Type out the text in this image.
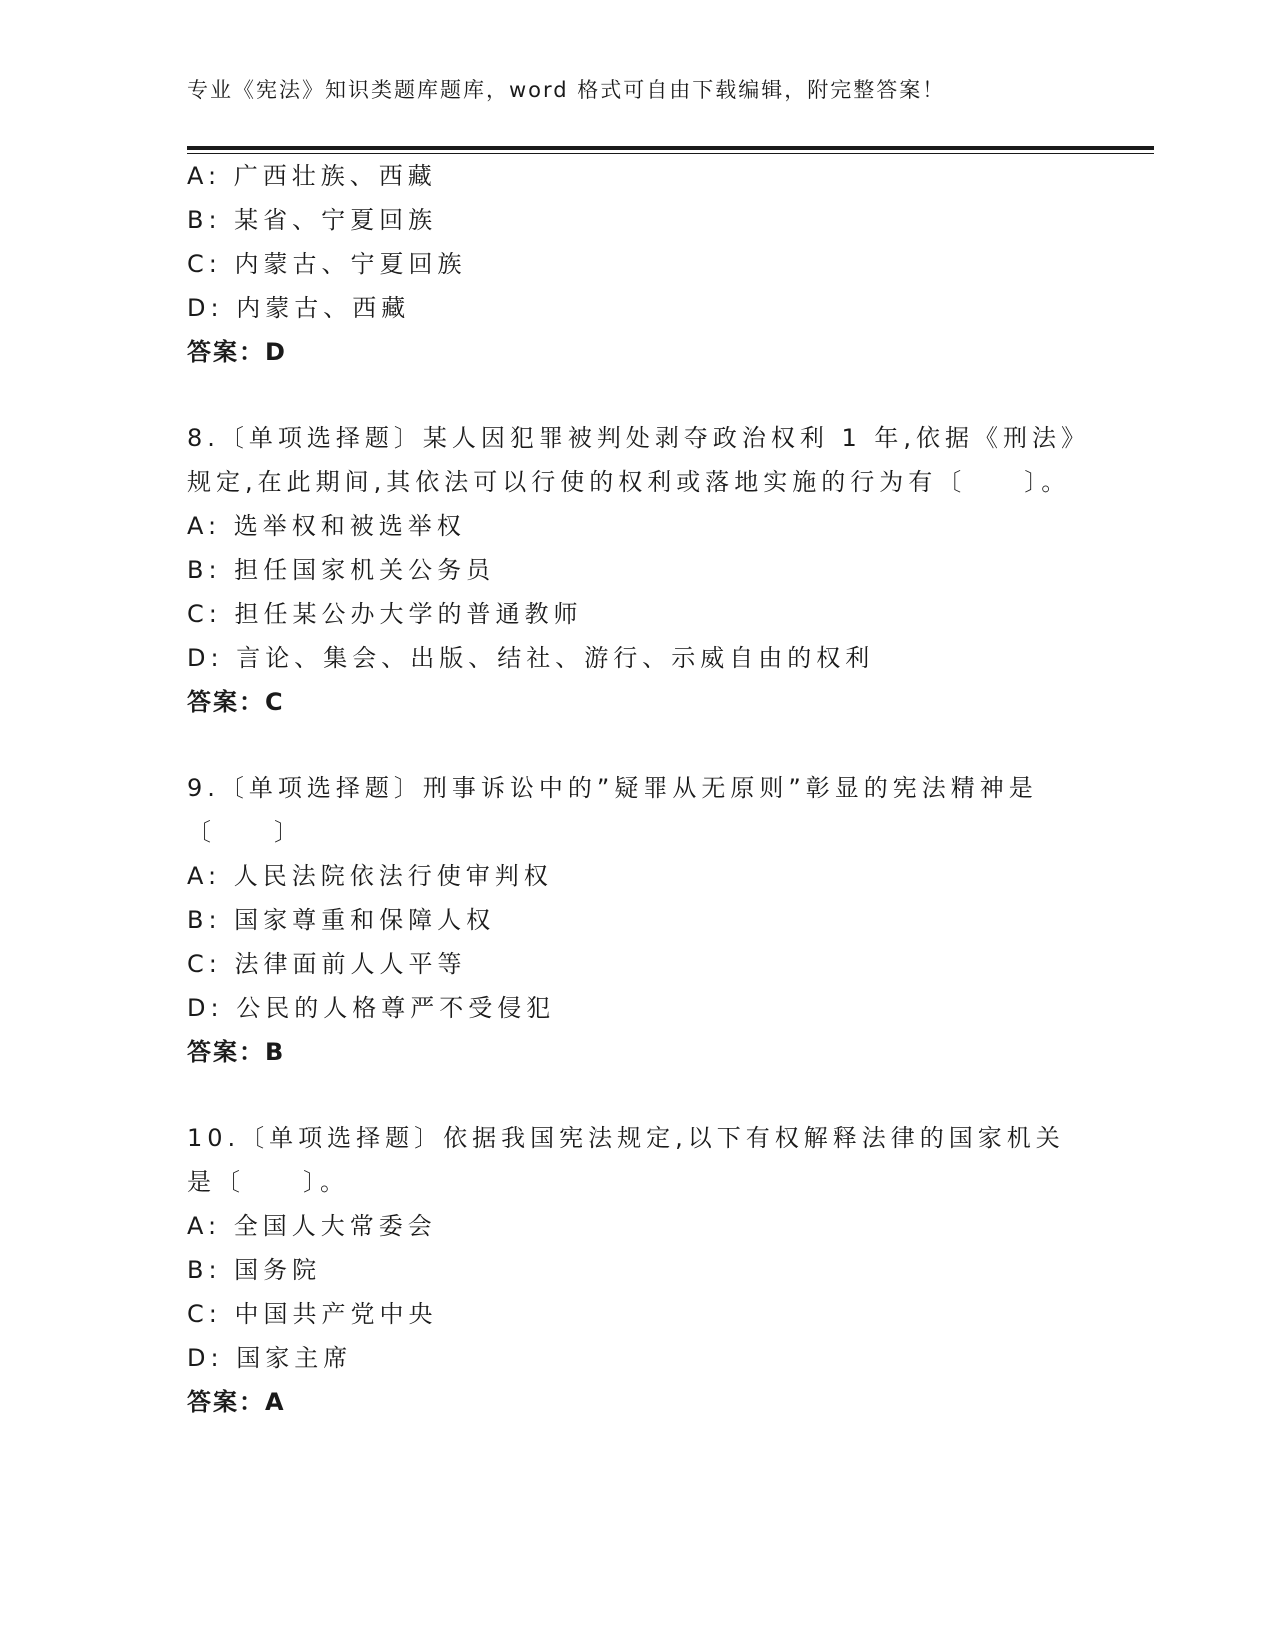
专业《宪法》知识类题库题库，word 格式可自由下载编辑，附完整答案！
A: 广西壮族、西藏
B: 某省、宁夏回族
C: 内蒙古、宁夏回族
D: 内蒙古、西藏
答案：D
8.〔单项选择题〕某人因犯罪被判处剥夺政治权利 1 年,依据《刑法》
规定,在此期间,其依法可以行使的权利或落地实施的行为有〔　　〕。
A: 选举权和被选举权
B: 担任国家机关公务员
C: 担任某公办大学的普通教师
D: 言论、集会、出版、结社、游行、示威自由的权利
答案：C
9.〔单项选择题〕刑事诉讼中的”疑罪从无原则”彰显的宪法精神是
〔　　〕
A: 人民法院依法行使审判权
B: 国家尊重和保障人权
C: 法律面前人人平等
D: 公民的人格尊严不受侵犯
答案：B
10.〔单项选择题〕依据我国宪法规定,以下有权解释法律的国家机关
是〔　　〕。
A: 全国人大常委会
B: 国务院
C: 中国共产党中央
D: 国家主席
答案：A
